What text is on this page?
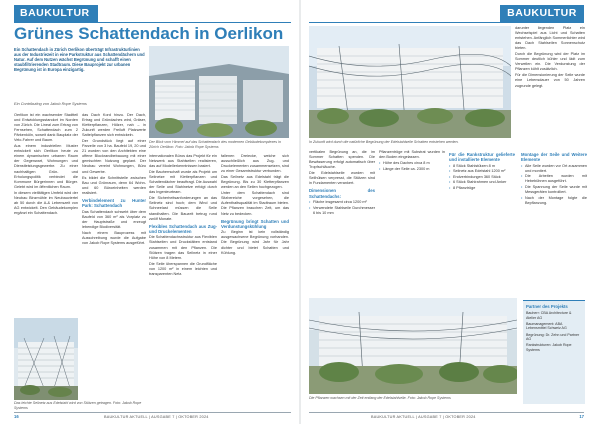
BAUKULTUR
Grünes Schattendach in Oerlikon
Ein Schattendach in Zürich Oerlikon überträgt Infrastrukturlinien aus der Industriezeit in eine Parkstruktur aus Schattendächern und Natur. Auf dem Nutzen wächst Begrünung und schafft einen staubfiltrierenden Stadtraum. Diese Bauprojekt zur urbanen Begrünung ist in Europa einzigartig.
Ein Contributing von Jakob Rope Systems
Der Blick vom Himmel auf das Schattendach des modernen Gebäudekomplexes in Zürich Oerlikon. Foto: Jakob Rope Systems

Oerlikon ist ein wachsender Stadtteil und Entwicklungsstandort im Norden von Zürich. Die Lineal zum Ertrag von Fernsehen, Schattendach zum 2 Pärkenköln, soweit dank Bauplatz der Velo‑Fahrer und Baum.

Aus einem industriellen Muster entwickelt sich Oerlikon heute zu einem dynamischen urbanen Raum der Gegenwart, Wohnungen und Dienstleistungsgewerbe. Zu einer nachhaltigen Grün‑ und Erholungspolitik verbindet die Kommune Bürgerinnen und Bürger. Gelebt wird im öffentlichen Raum.

In diesem vielfältigen Umfeld wird der Neubau Binzmühle im Neubauviertel ab 50 durch die A‑& Lebenszeit von AG entwickelt. Den Gebäudekomplex ergänzt ein Schattendach.

das Dach Kord hinzu. Der Dach, Ertrag und Gründaches wird, Gräser, Kletterpflanzen, Hölzer, nah – in Zukunft werden Freiluft Platzwerte Sattelpflanzen sich entwickeln.

Der Grundstück liegt auf einer Parzelle von 3 ha. Baufeld 19, 20 und 21 wurden von den Architekten eine offene Blockrandbebauung mit einer gemischten Nutzung geplant. Der Neubau vereint Wohnungen, Büro und Gewerbe.

Es bildet die Schnittstelle zwischen Bau und Grünraum, denn 64 Wohn‑ und 60 Büroeinheiten werden realisiert.

Verbindelement zu Hunter Park: Schattendach

Das Schattendach schwebt über dem Baufeld von 360 m² als Vorplatz zu der Hauptstraße und erzeugt lebendige Biodiversität.

Nach einem Bauprozess mit Ausschreibung wurde die Aufgabe von Jakob Rope Systems ausgeführt.

internationalen Büros das Projekt für ein Netzwerk aus Stahlseilen realisieren, das auf Modellerkenntnissen basiert.

Die Bauherrschaft wurde als Projekt um Seilnetze mit Kletterpflanzen und Schattendächer beauftragt. Die Auswahl der Seile und Stahlnetze erfolgt durch das Ingenieurteam.

Die Sicherheitsanforderungen an das Seilnetz sind hoch; dem Wind und Schneelast müssen die Seile standhalten. Die Bauzeit betrug rund zwölf Monate.

Flexibles Schattendach aus Zug- und Druckelementen

Die Schattendachsstruktur aus Flexiblen Stahlseilen und Druckstäben entstand zusammen mit den Pflanzen. Die Stützen tragen das Seilnetz in einer Höhe von 8 Metern.

Die Seile überspannen die Grundfläche von 1200 m² in einem leichten und transparenten Netz.

fallenen Dreiecke, welche sich ausschließlich aus Zug- und Druckelementen zusammensetzen, sind zu einer Gesamtstruktur verbunden.

Das Seilnetz aus Edelstahl trägt die Begrünung. Bis zu 30 Kletterpflanzen werden an den Seilen hochgezogen.

Unter dem Schattendach sind Sitzbereiche vorgesehen, die Aufenthaltsqualität im Stadtraum bieten. Die Pflanzen brauchen Zeit, um das Netz zu bedecken.

Begrünung bringt Schatten und Verdunstungskühlung

Zu Beginn ist kein vollständig ausgewachsene Begrünung vorhanden. Die Begrünung wird Jahr für Jahr dichter und bietet Schatten und Kühlung.

Das leichte Seilnetz aus Edelstahl wird von Stützen getragen. Foto: Jakob Rope Systems
16	BAUKULTUR AKTUELL | AUSGABE 7 | OKTOBER 2024
BAUKULTUR
In Zukunft wird durch die natürliche Begrünung der Edelstahlseile Schatten entstehen werden.

darunter liegenden Platz ein Wechselspiel aus Licht und Schatten entstehen. Anfänglich Sommerlichter wird das Dach Stahlseilen Sonnenschutz bieten.

Durch die Begrünung wird der Platz im Sommer deutlich kühler und lädt zum Verweilen ein. Die Verdunstung der Pflanzen kühlt zusätzlich.

Für die Dimensionierung der Seile wurde eine Lebensdauer von 50 Jahren zugrunde gelegt.

vertikalen Begrünung an, die im Sommer Schatten spenden. Die Bewässerung erfolgt automatisch über Tropfschläuche.

Die Edelstahlseile wurden mit Seilhülsen verpresst, die Stützen sind in Fundamenten verankert.

Dimensionen des Schattendachs:
• Fläche insgesamt circa 1200 m²
• Verwendete Stahlseile Durchmesser 6 bis 10 mm

Pflanzentröge mit Substrat wurden in den Boden eingelassen.

• Höhe des Daches circa 8 m
• Länge der Seile ca. 2300 m
Für die Rankstruktur gelieferte und installierte Elemente
• 8 Stück Stahlstützen 8 m
• Seilnetz aus Edelstahl 1200 m²
• Endverbindungen 360 Stück
• 6 Stück Stahlrahmen und Anker
• 8 Pflanztröge
Montage der Seile und Weitere Elemente
• Alle Seile wurden vor Ort zusammen und montiert.
• Die Arbeiten wurden mit Hebebühnen ausgeführt.
• Die Spannung der Seile wurde mit Messgeräten kontrolliert.
• Nach der Montage folgte die Bepflanzung.
Die Pflanzen wachsen mit der Zeit entlang der Edelstahlseile. Foto: Jakob Rope Systems
Partner des Projekts

Bauherr: CBA Architecture & Atelier AG

Baumanagement: ABA Lebensmittel Schweiz AG

Begrünung: Dr. Zehn und Partner AG

Rankstrukturen: Jakob Rope Systems

BAUKULTUR AKTUELL | AUSGABE 7 | OKTOBER 2024	17
